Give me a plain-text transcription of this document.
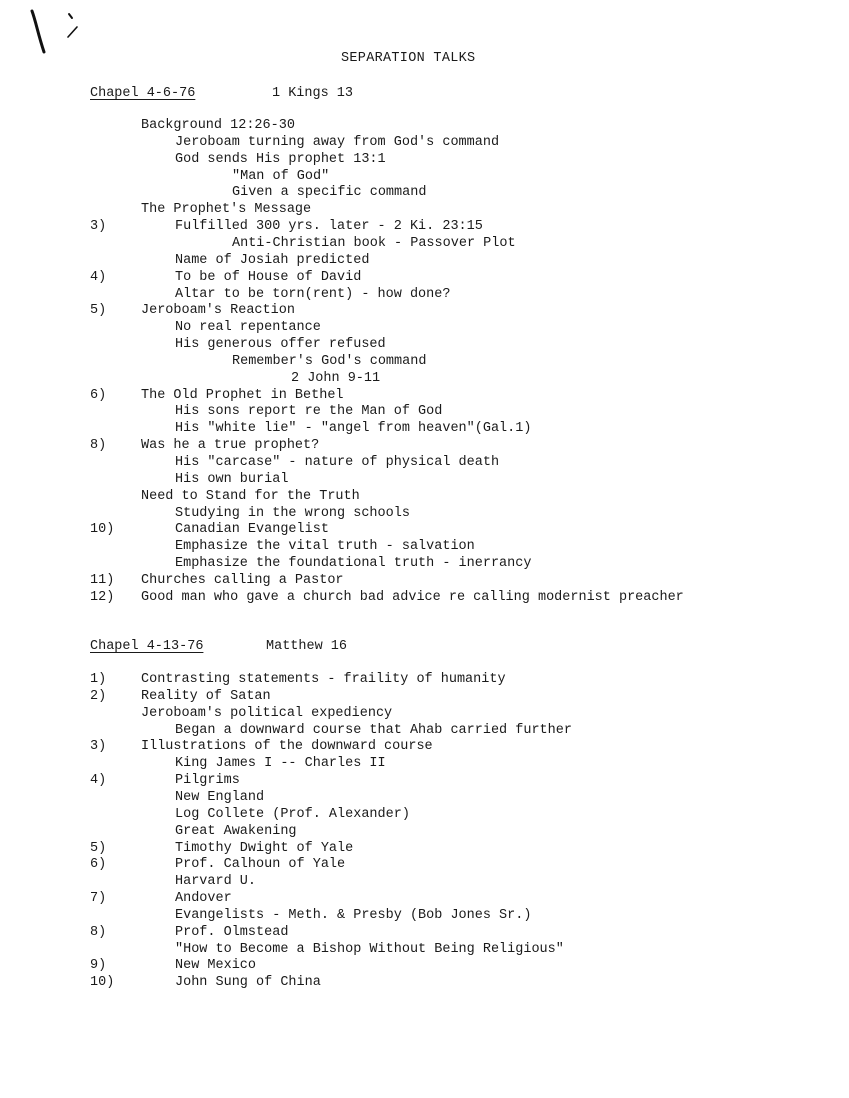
SEPARATION TALKS
Chapel 4-6-76	1 Kings 13
Background 12:26-30
Jeroboam turning away from God's command
God sends His prophet 13:1
"Man of God"
Given a specific command
The Prophet's Message
3)	Fulfilled 300 yrs. later - 2 Ki. 23:15
Anti-Christian book - Passover Plot
Name of Josiah predicted
4)	To be of House of David
Altar to be torn(rent) - how done?
5)	Jeroboam's Reaction
No real repentance
His generous offer refused
Remember's God's command
2 John 9-11
6)	The Old Prophet in Bethel
His sons report re the Man of God
His "white lie" - "angel from heaven"(Gal.1)
8)	Was he a true prophet?
His "carcase" - nature of physical death
His own burial
Need to Stand for the Truth
Studying in the wrong schools
10)	Canadian Evangelist
Emphasize the vital truth - salvation
Emphasize the foundational truth - inerrancy
11) Churches calling a Pastor
12) Good man who gave a church bad advice re calling modernist preacher
Chapel 4-13-76	Matthew 16
1)	Contrasting statements - fraility of humanity
2)	Reality of Satan
Jeroboam's political expediency
Began a downward course that Ahab carried further
3)	Illustrations of the downward course
King James I -- Charles II
4)	Pilgrims
New England
Log Collete (Prof. Alexander)
Great Awakening
5)	Timothy Dwight of Yale
6)	Prof. Calhoun of Yale
Harvard U.
7)	Andover
Evangelists - Meth. & Presby (Bob Jones Sr.)
8)	Prof. Olmstead
"How to Become a Bishop Without Being Religious"
9)	New Mexico
10)	John Sung of China
